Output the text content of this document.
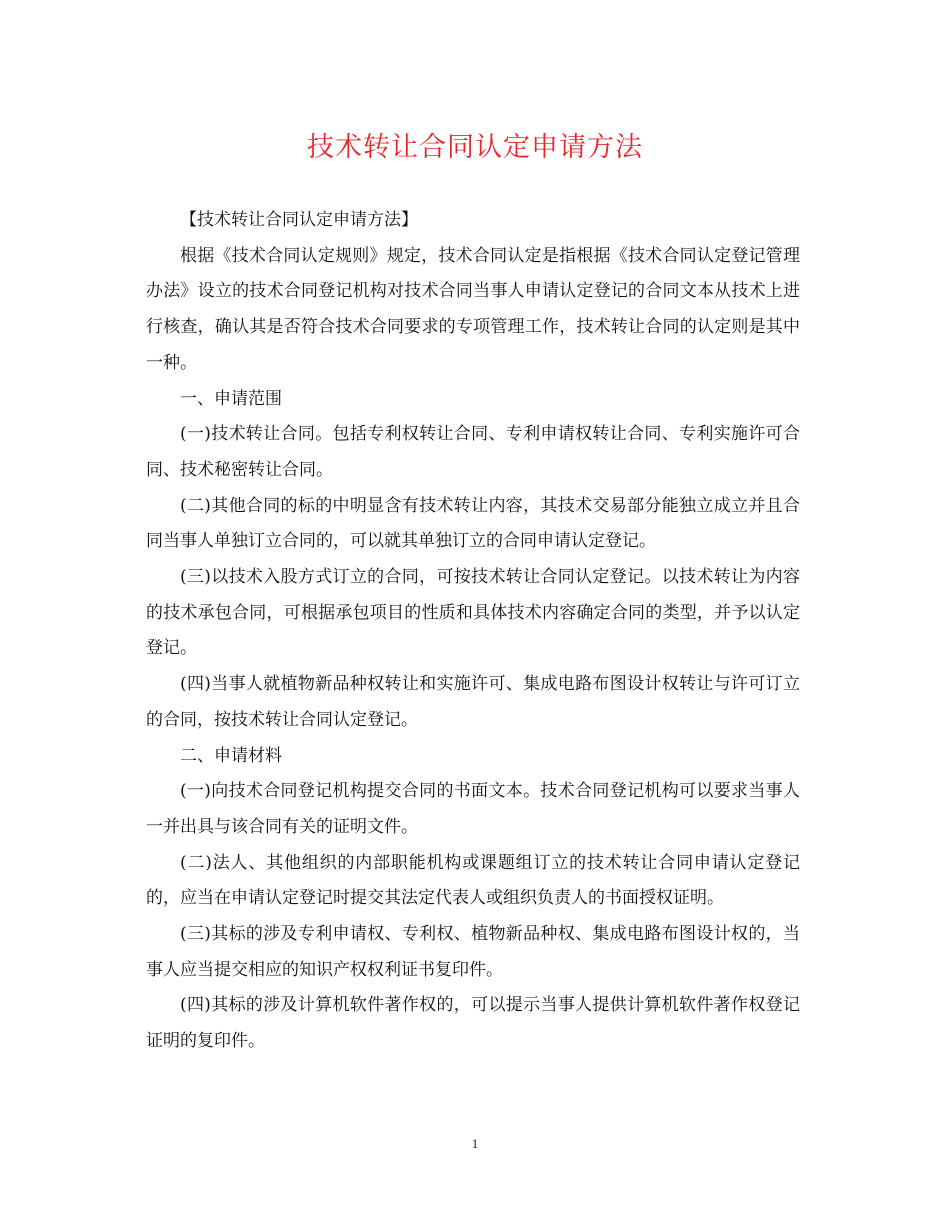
技术转让合同认定申请方法

【技术转让合同认定申请方法】

根据《技术合同认定规则》规定，技术合同认定是指根据《技术合同认定登记管理办法》设立的技术合同登记机构对技术合同当事人申请认定登记的合同文本从技术上进行核查，确认其是否符合技术合同要求的专项管理工作，技术转让合同的认定则是其中一种。

一、申请范围

(一)技术转让合同。包括专利权转让合同、专利申请权转让合同、专利实施许可合同、技术秘密转让合同。

(二)其他合同的标的中明显含有技术转让内容，其技术交易部分能独立成立并且合同当事人单独订立合同的，可以就其单独订立的合同申请认定登记。

(三)以技术入股方式订立的合同，可按技术转让合同认定登记。以技术转让为内容的技术承包合同，可根据承包项目的性质和具体技术内容确定合同的类型，并予以认定登记。

(四)当事人就植物新品种权转让和实施许可、集成电路布图设计权转让与许可订立的合同，按技术转让合同认定登记。

二、申请材料

(一)向技术合同登记机构提交合同的书面文本。技术合同登记机构可以要求当事人一并出具与该合同有关的证明文件。

(二)法人、其他组织的内部职能机构或课题组订立的技术转让合同申请认定登记的，应当在申请认定登记时提交其法定代表人或组织负责人的书面授权证明。

(三)其标的涉及专利申请权、专利权、植物新品种权、集成电路布图设计权的，当事人应当提交相应的知识产权权利证书复印件。

(四)其标的涉及计算机软件著作权的，可以提示当事人提供计算机软件著作权登记证明的复印件。

1
